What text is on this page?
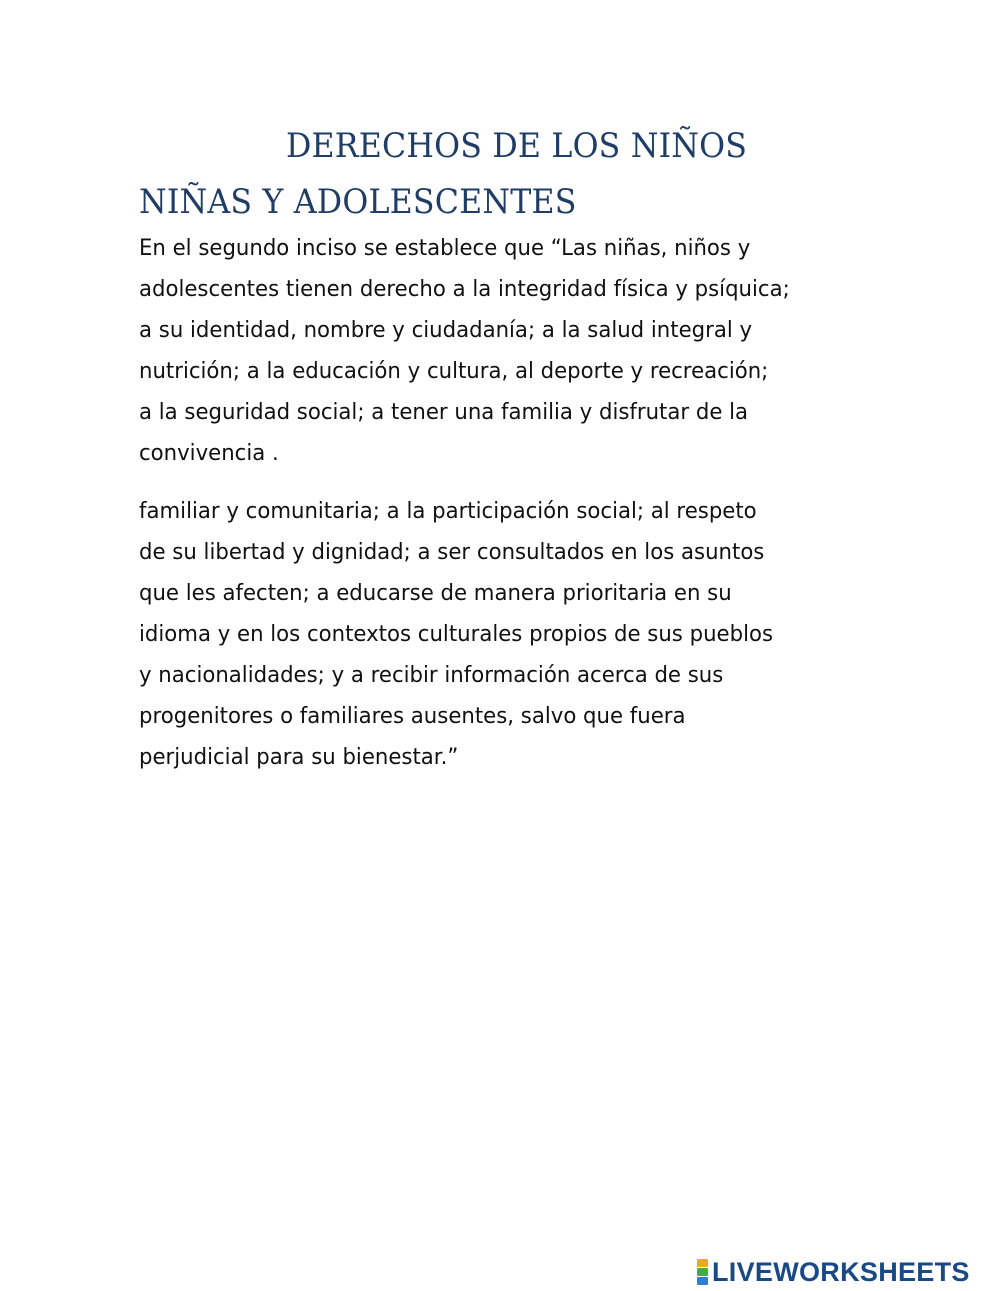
DERECHOS DE LOS NIÑOS
NIÑAS Y ADOLESCENTES

En el segundo inciso se establece que “Las niñas, niños y
adolescentes tienen derecho a la integridad física y psíquica;
a su identidad, nombre y ciudadanía; a la salud integral y
nutrición; a la educación y cultura, al deporte y recreación;
a la seguridad social; a tener una familia y disfrutar de la
convivencia .

familiar y comunitaria; a la participación social; al respeto
de su libertad y dignidad; a ser consultados en los asuntos
que les afecten; a educarse de manera prioritaria en su
idioma y en los contextos culturales propios de sus pueblos
y nacionalidades; y a recibir información acerca de sus
progenitores o familiares ausentes, salvo que fuera
perjudicial para su bienestar.”

LIVEWORKSHEETS
